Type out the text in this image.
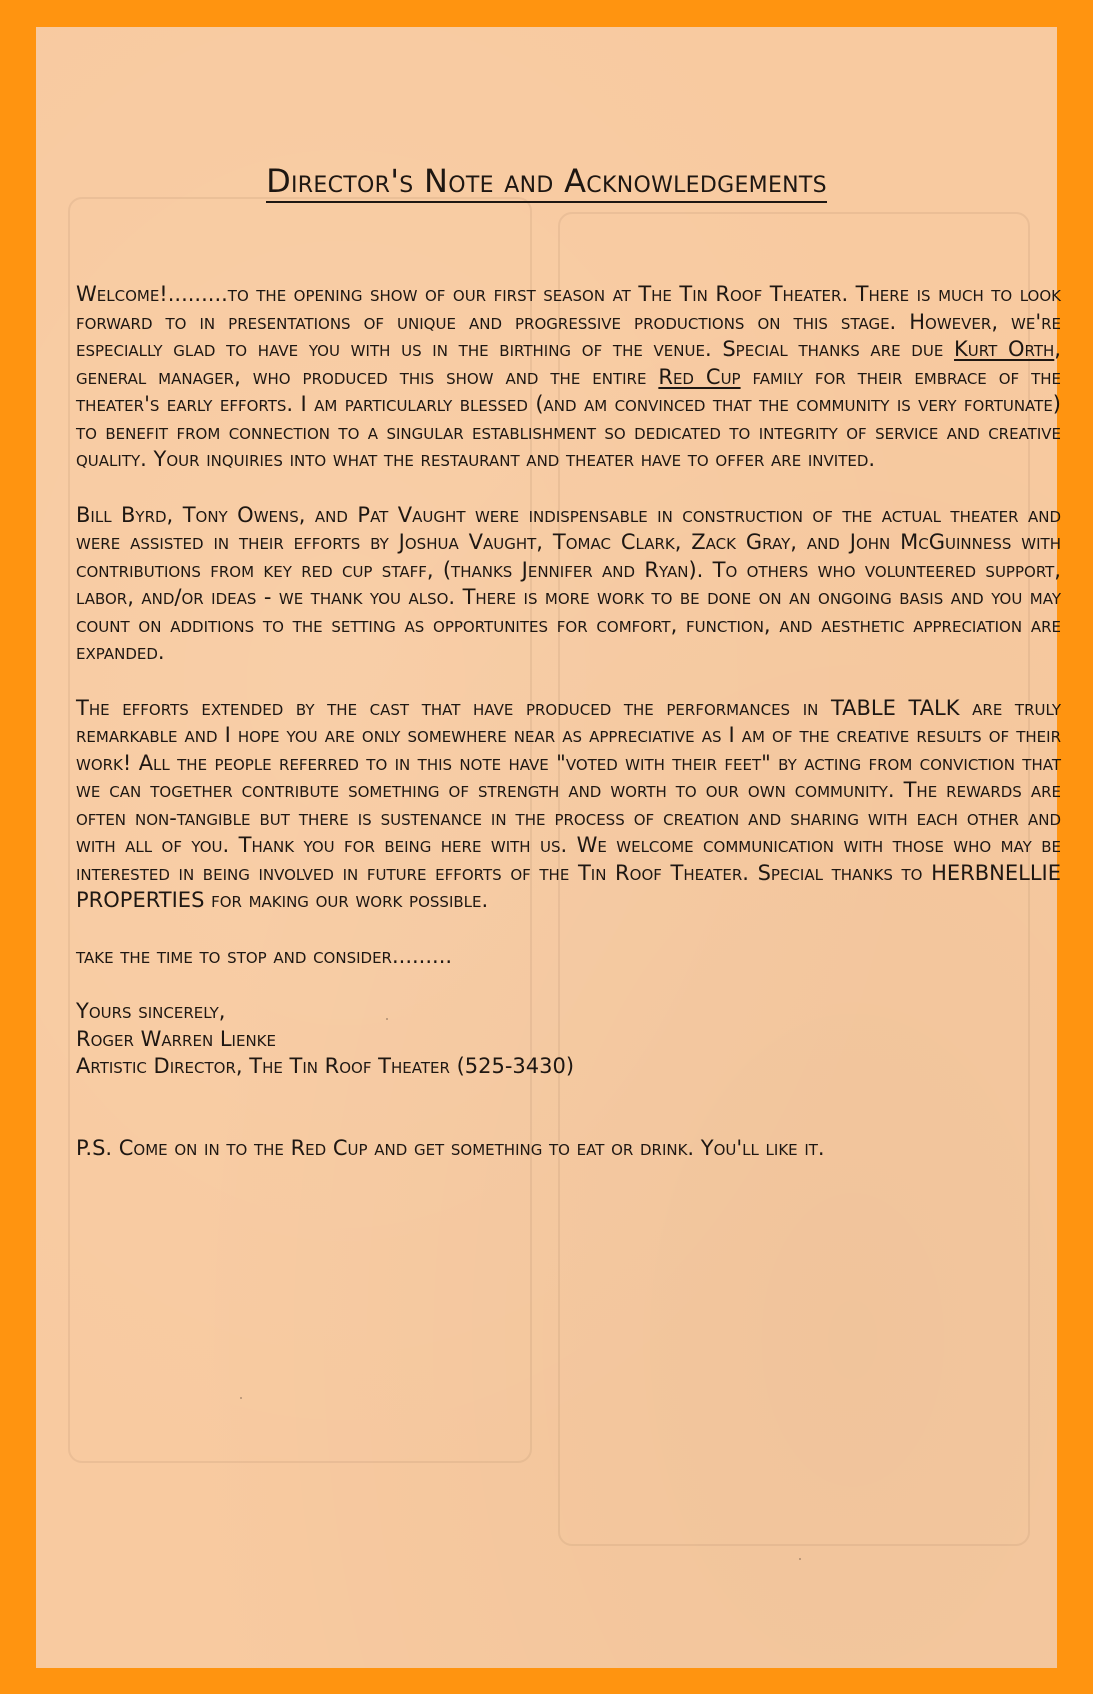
Director's Note and Acknowledgements

Welcome!.........to the opening show of our first season at The Tin Roof Theater. There is much to look forward to in presentations of unique and progressive productions on this stage. However, we're especially glad to have you with us in the birthing of the venue. Special thanks are due Kurt Orth, general manager, who produced this show and the entire Red Cup family for their embrace of the theater's early efforts. I am particularly blessed (and am convinced that the community is very fortunate) to benefit from connection to a singular establishment so dedicated to integrity of service and creative quality. Your inquiries into what the restaurant and theater have to offer are invited.

Bill Byrd, Tony Owens, and Pat Vaught were indispensable in construction of the actual theater and were assisted in their efforts by Joshua Vaught, Tomac Clark, Zack Gray, and John McGuinness with contributions from key red cup staff, (thanks Jennifer and Ryan). To others who volunteered support, labor, and/or ideas - we thank you also. There is more work to be done on an ongoing basis and you may count on additions to the setting as opportunites for comfort, function, and aesthetic appreciation are expanded.

The efforts extended by the cast that have produced the performances in TABLE TALK are truly remarkable and I hope you are only somewhere near as appreciative as I am of the creative results of their work! All the people referred to in this note have "voted with their feet" by acting from conviction that we can together contribute something of strength and worth to our own community. The rewards are often non-tangible but there is sustenance in the process of creation and sharing with each other and with all of you. Thank you for being here with us. We welcome communication with those who may be interested in being involved in future efforts of the Tin Roof Theater. Special thanks to HERBNELLIE PROPERTIES for making our work possible.

take the time to stop and consider.........

Yours sincerely,
Roger Warren Lienke
Artistic Director, The Tin Roof Theater (525-3430)
P.S. Come on in to the Red Cup and get something to eat or drink. You'll like it.
